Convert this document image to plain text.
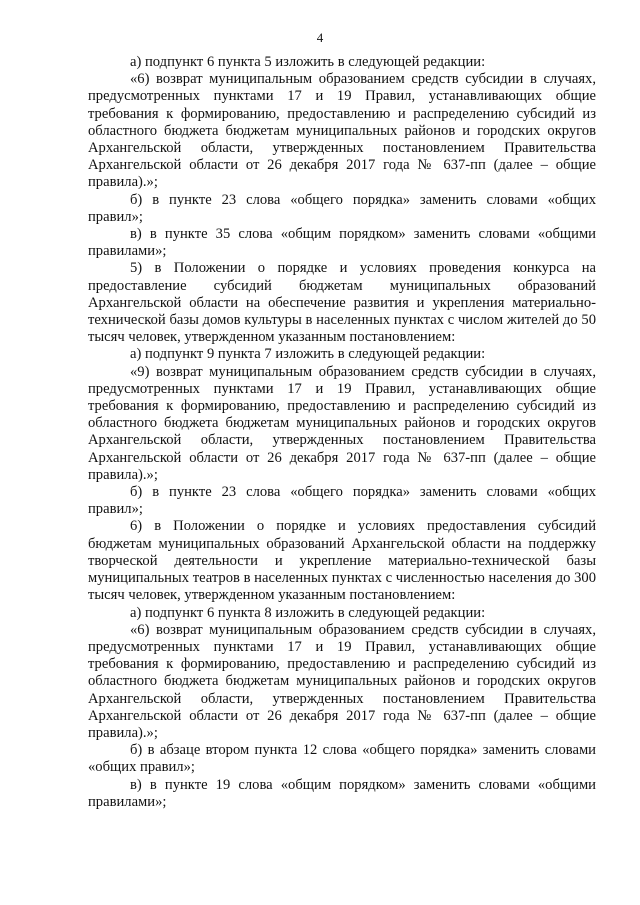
4

а) подпункт 6 пункта 5 изложить в следующей редакции:

«6) возврат муниципальным образованием средств субсидии в случаях, предусмотренных пунктами 17 и 19 Правил, устанавливающих общие требования к формированию, предоставлению и распределению субсидий из областного бюджета бюджетам муниципальных районов и городских округов Архангельской области, утвержденных постановлением Правительства Архангельской области от 26 декабря 2017 года № 637-пп (далее – общие правила).»;

б) в пункте 23 слова «общего порядка» заменить словами «общих правил»;

в) в пункте 35 слова «общим порядком» заменить словами «общими правилами»;

5) в Положении о порядке и условиях проведения конкурса на предоставление субсидий бюджетам муниципальных образований Архангельской области на обеспечение развития и укрепления материально-технической базы домов культуры в населенных пунктах с числом жителей до 50 тысяч человек, утвержденном указанным постановлением:

а) подпункт 9 пункта 7 изложить в следующей редакции:

«9) возврат муниципальным образованием средств субсидии в случаях, предусмотренных пунктами 17 и 19 Правил, устанавливающих общие требования к формированию, предоставлению и распределению субсидий из областного бюджета бюджетам муниципальных районов и городских округов Архангельской области, утвержденных постановлением Правительства Архангельской области от 26 декабря 2017 года № 637-пп (далее – общие правила).»;

б) в пункте 23 слова «общего порядка» заменить словами «общих правил»;

6) в Положении о порядке и условиях предоставления субсидий бюджетам муниципальных образований Архангельской области на поддержку творческой деятельности и укрепление материально-технической базы муниципальных театров в населенных пунктах с численностью населения до 300 тысяч человек, утвержденном указанным постановлением:

а) подпункт 6 пункта 8 изложить в следующей редакции:

«6) возврат муниципальным образованием средств субсидии в случаях, предусмотренных пунктами 17 и 19 Правил, устанавливающих общие требования к формированию, предоставлению и распределению субсидий из областного бюджета бюджетам муниципальных районов и городских округов Архангельской области, утвержденных постановлением Правительства Архангельской области от 26 декабря 2017 года № 637-пп (далее – общие правила).»;

б) в абзаце втором пункта 12 слова «общего порядка» заменить словами «общих правил»;

в) в пункте 19 слова «общим порядком» заменить словами «общими правилами»;
